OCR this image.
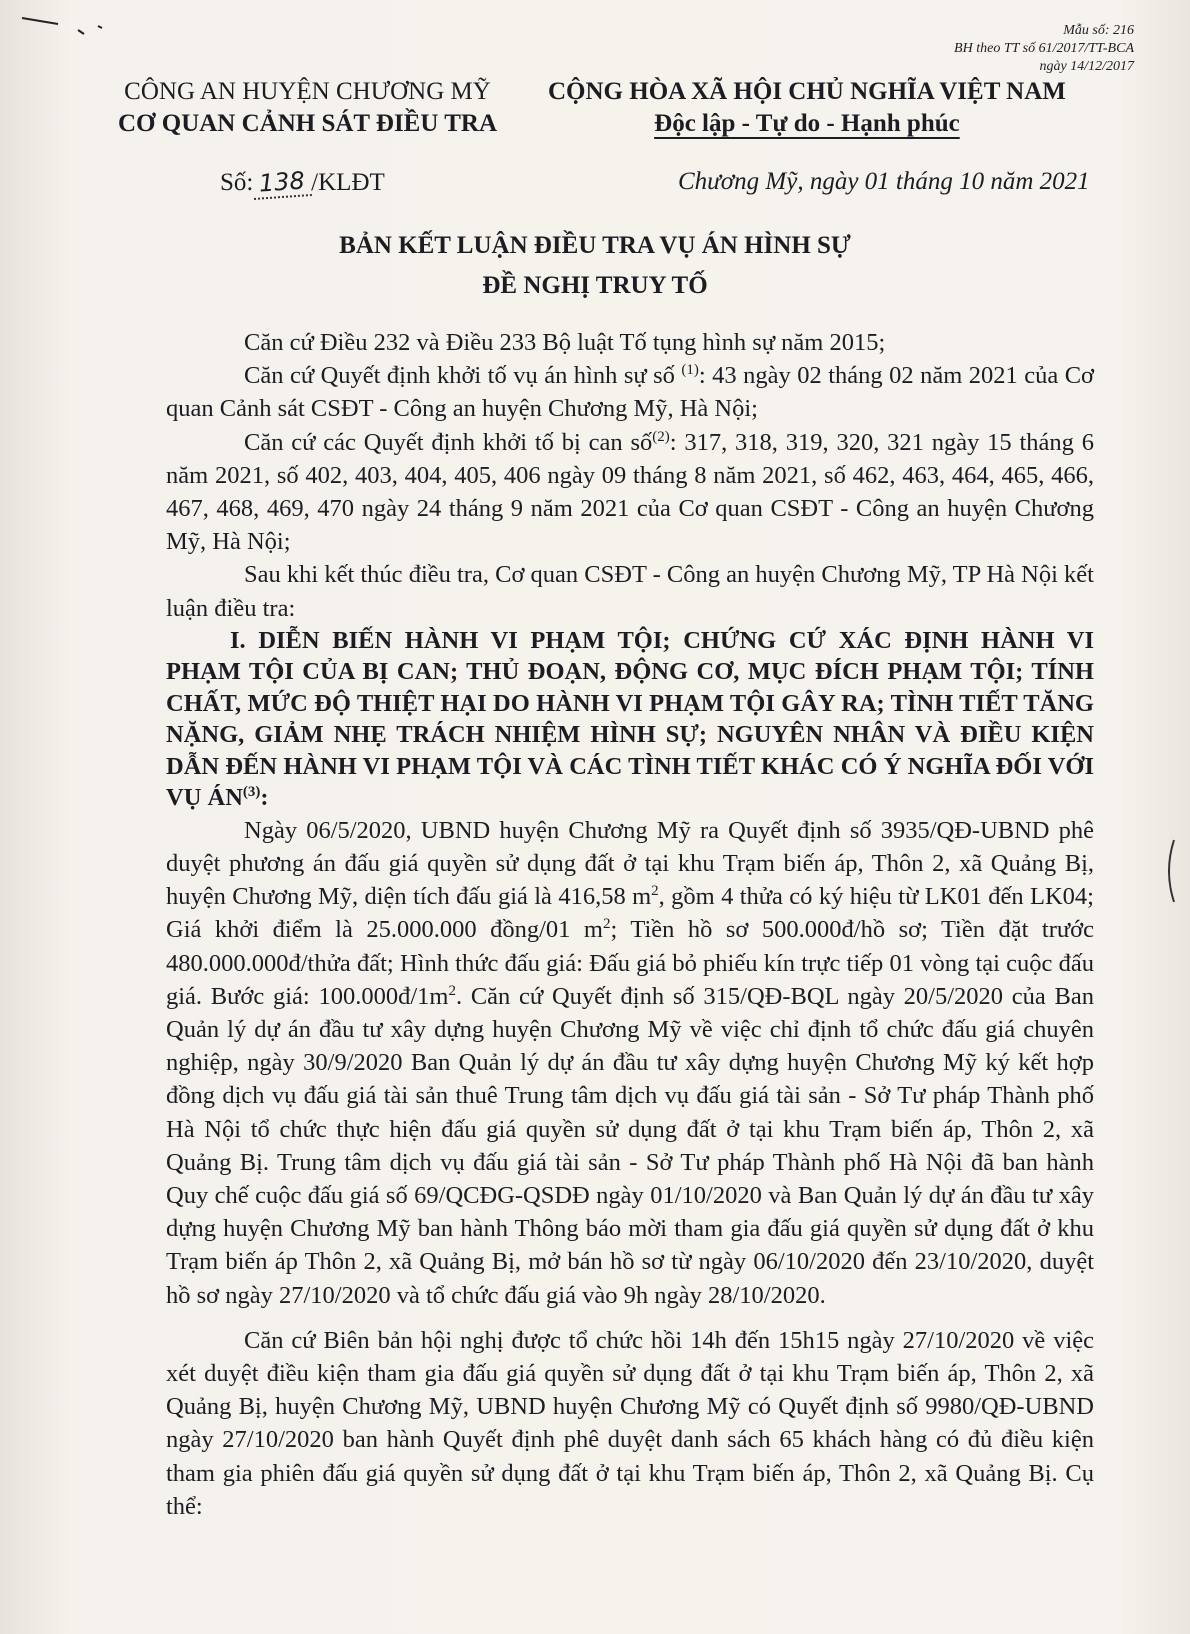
Mẫu số: 216
BH theo TT số 61/2017/TT-BCA
ngày 14/12/2017
CÔNG AN HUYỆN CHƯƠNG MỸ
CƠ QUAN CẢNH SÁT ĐIỀU TRA
CỘNG HÒA XÃ HỘI CHỦ NGHĨA VIỆT NAM
Độc lập - Tự do - Hạnh phúc
Số: 138 /KLĐT	Chương Mỹ, ngày 01 tháng 10 năm 2021
BẢN KẾT LUẬN ĐIỀU TRA VỤ ÁN HÌNH SỰ
ĐỀ NGHỊ TRUY TỐ

Căn cứ Điều 232 và Điều 233 Bộ luật Tố tụng hình sự năm 2015;

Căn cứ Quyết định khởi tố vụ án hình sự số $^{(1)}$: 43 ngày 02 tháng 02 năm 2021 của Cơ quan Cảnh sát CSĐT - Công an huyện Chương Mỹ, Hà Nội;

Căn cứ các Quyết định khởi tố bị can số$^{(2)}$: 317, 318, 319, 320, 321 ngày 15 tháng 6 năm 2021, số 402, 403, 404, 405, 406 ngày 09 tháng 8 năm 2021, số 462, 463, 464, 465, 466, 467, 468, 469, 470 ngày 24 tháng 9 năm 2021 của Cơ quan CSĐT - Công an huyện Chương Mỹ, Hà Nội;

Sau khi kết thúc điều tra, Cơ quan CSĐT - Công an huyện Chương Mỹ, TP Hà Nội kết luận điều tra:

I. DIỄN BIẾN HÀNH VI PHẠM TỘI; CHỨNG CỨ XÁC ĐỊNH HÀNH VI PHẠM TỘI CỦA BỊ CAN; THỦ ĐOẠN, ĐỘNG CƠ, MỤC ĐÍCH PHẠM TỘI; TÍNH CHẤT, MỨC ĐỘ THIỆT HẠI DO HÀNH VI PHẠM TỘI GÂY RA; TÌNH TIẾT TĂNG NẶNG, GIẢM NHẸ TRÁCH NHIỆM HÌNH SỰ; NGUYÊN NHÂN VÀ ĐIỀU KIỆN DẪN ĐẾN HÀNH VI PHẠM TỘI VÀ CÁC TÌNH TIẾT KHÁC CÓ Ý NGHĨA ĐỐI VỚI VỤ ÁN$^{(3)}$:

Ngày 06/5/2020, UBND huyện Chương Mỹ ra Quyết định số 3935/QĐ-UBND phê duyệt phương án đấu giá quyền sử dụng đất ở tại khu Trạm biến áp, Thôn 2, xã Quảng Bị, huyện Chương Mỹ, diện tích đấu giá là 416,58 $m^2$, gồm 4 thửa có ký hiệu từ LK01 đến LK04; Giá khởi điểm là 25.000.000 đồng/01 $m^2$; Tiền hồ sơ 500.000đ/hồ sơ; Tiền đặt trước 480.000.000đ/thửa đất; Hình thức đấu giá: Đấu giá bỏ phiếu kín trực tiếp 01 vòng tại cuộc đấu giá. Bước giá: $100.000đ/1m^2$. Căn cứ Quyết định số 315/QĐ-BQL ngày 20/5/2020 của Ban Quản lý dự án đầu tư xây dựng huyện Chương Mỹ về việc chỉ định tổ chức đấu giá chuyên nghiệp, ngày 30/9/2020 Ban Quản lý dự án đầu tư xây dựng huyện Chương Mỹ ký kết hợp đồng dịch vụ đấu giá tài sản thuê Trung tâm dịch vụ đấu giá tài sản - Sở Tư pháp Thành phố Hà Nội tổ chức thực hiện đấu giá quyền sử dụng đất ở tại khu Trạm biến áp, Thôn 2, xã Quảng Bị. Trung tâm dịch vụ đấu giá tài sản - Sở Tư pháp Thành phố Hà Nội đã ban hành Quy chế cuộc đấu giá số 69/QCĐG-QSDĐ ngày 01/10/2020 và Ban Quản lý dự án đầu tư xây dựng huyện Chương Mỹ ban hành Thông báo mời tham gia đấu giá quyền sử dụng đất ở khu Trạm biến áp Thôn 2, xã Quảng Bị, mở bán hồ sơ từ ngày 06/10/2020 đến 23/10/2020, duyệt hồ sơ ngày 27/10/2020 và tổ chức đấu giá vào 9h ngày 28/10/2020.

Căn cứ Biên bản hội nghị được tổ chức hồi 14h đến 15h15 ngày 27/10/2020 về việc xét duyệt điều kiện tham gia đấu giá quyền sử dụng đất ở tại khu Trạm biến áp, Thôn 2, xã Quảng Bị, huyện Chương Mỹ, UBND huyện Chương Mỹ có Quyết định số 9980/QĐ-UBND ngày 27/10/2020 ban hành Quyết định phê duyệt danh sách 65 khách hàng có đủ điều kiện tham gia phiên đấu giá quyền sử dụng đất ở tại khu Trạm biến áp, Thôn 2, xã Quảng Bị. Cụ thể:
